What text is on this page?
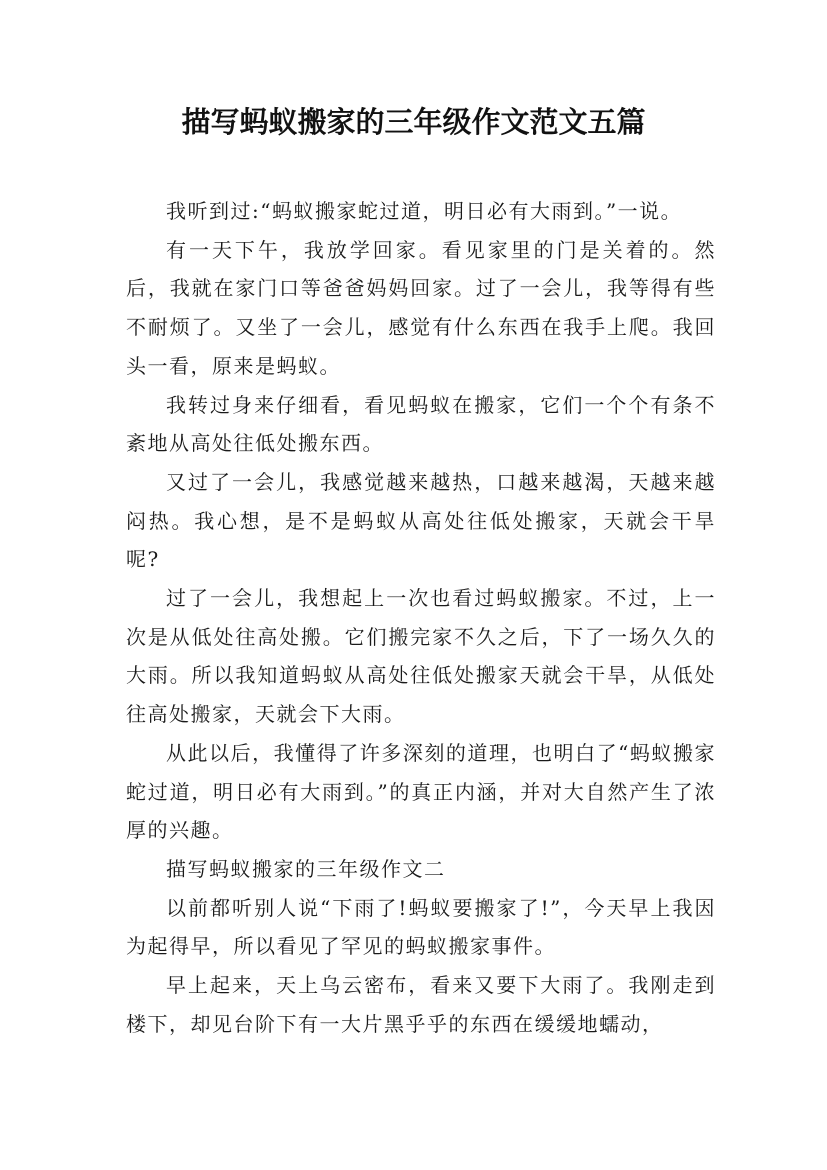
描写蚂蚁搬家的三年级作文范文五篇

我听到过:“蚂蚁搬家蛇过道，明日必有大雨到。”一说。

有一天下午，我放学回家。看见家里的门是关着的。然后，我就在家门口等爸爸妈妈回家。过了一会儿，我等得有些不耐烦了。又坐了一会儿，感觉有什么东西在我手上爬。我回头一看，原来是蚂蚁。

我转过身来仔细看，看见蚂蚁在搬家，它们一个个有条不紊地从高处往低处搬东西。

又过了一会儿，我感觉越来越热，口越来越渴，天越来越闷热。我心想，是不是蚂蚁从高处往低处搬家，天就会干旱呢?

过了一会儿，我想起上一次也看过蚂蚁搬家。不过，上一次是从低处往高处搬。它们搬完家不久之后，下了一场久久的大雨。所以我知道蚂蚁从高处往低处搬家天就会干旱，从低处往高处搬家，天就会下大雨。

从此以后，我懂得了许多深刻的道理，也明白了“蚂蚁搬家蛇过道，明日必有大雨到。”的真正内涵，并对大自然产生了浓厚的兴趣。

描写蚂蚁搬家的三年级作文二

以前都听别人说“下雨了!蚂蚁要搬家了!”，今天早上我因为起得早，所以看见了罕见的蚂蚁搬家事件。

早上起来，天上乌云密布，看来又要下大雨了。我刚走到楼下，却见台阶下有一大片黑乎乎的东西在缓缓地蠕动，
